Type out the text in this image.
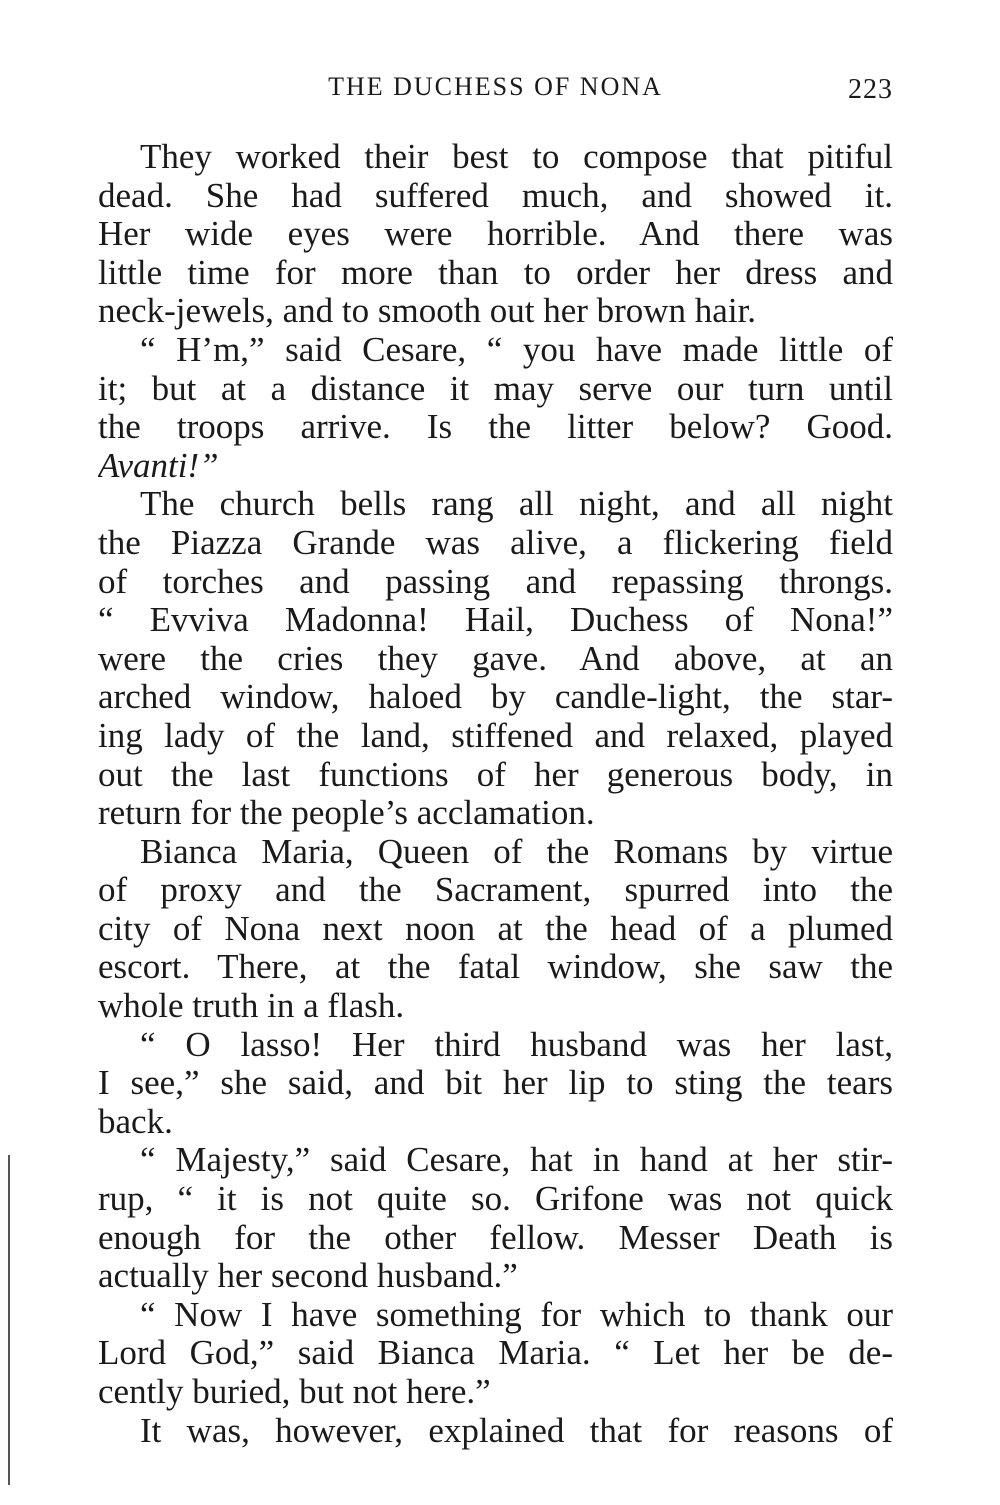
THE DUCHESS OF NONA	223
They worked their best to compose that pitiful
dead. She had suffered much, and showed it.
Her wide eyes were horrible. And there was
little time for more than to order her dress and
neck-jewels, and to smooth out her brown hair.
“ H’m,” said Cesare, “ you have made little of
it; but at a distance it may serve our turn until
the troops arrive. Is the litter below? Good.
Avanti!”
The church bells rang all night, and all night
the Piazza Grande was alive, a flickering field
of torches and passing and repassing throngs.
“ Evviva Madonna! Hail, Duchess of Nona!”
were the cries they gave. And above, at an
arched window, haloed by candle-light, the star-
ing lady of the land, stiffened and relaxed, played
out the last functions of her generous body, in
return for the people’s acclamation.
Bianca Maria, Queen of the Romans by virtue
of proxy and the Sacrament, spurred into the
city of Nona next noon at the head of a plumed
escort. There, at the fatal window, she saw the
whole truth in a flash.
“ O lasso! Her third husband was her last,
I see,” she said, and bit her lip to sting the tears
back.
“ Majesty,” said Cesare, hat in hand at her stir-
rup, “ it is not quite so. Grifone was not quick
enough for the other fellow. Messer Death is
actually her second husband.”
“ Now I have something for which to thank our
Lord God,” said Bianca Maria. “ Let her be de-
cently buried, but not here.”
It was, however, explained that for reasons of
